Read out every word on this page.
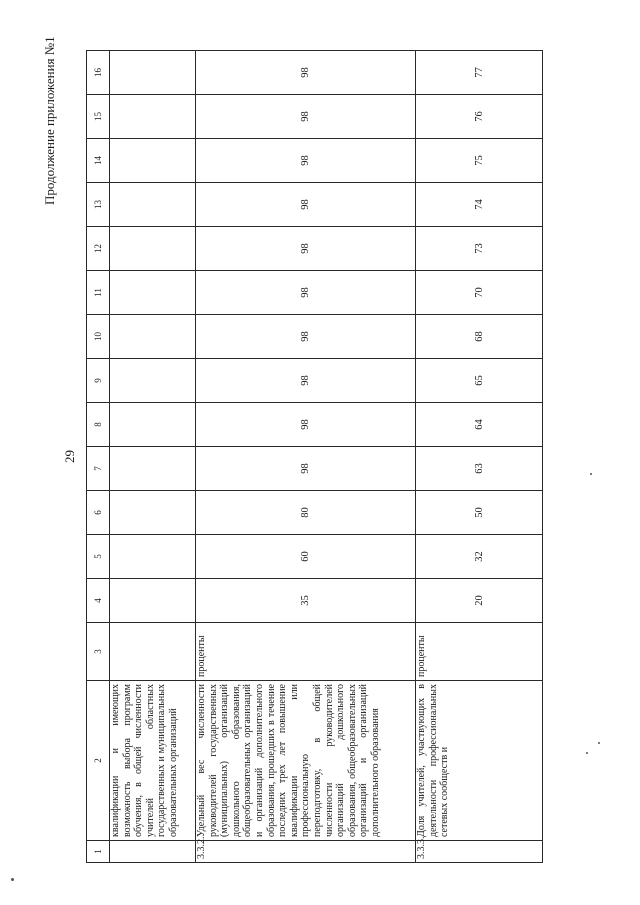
Продолжение приложения №1
29
1	2	3	4	5	6	7	8	9	10	11	12	13	14	15	16
	квалификации и имеющих возможность выбора программ обучения, в общей численности учителей областных государственных и муниципальных образовательных организаций														
3.3.2.	Удельный вес численности руководителей государственных (муниципальных) организаций дошкольного образования, общеобразовательных организаций и организаций дополнительного образования, прошедших в течение последних трех лет повышение квалификации или профессиональную переподготовку, в общей численности руководителей организаций дошкольного образования, общеобразовательных организаций и организаций дополнительного образования	проценты	35	60	80	98	98	98	98	98	98	98	98	98	98
3.3.3.	Доля учителей, участвующих в деятельности профессиональных сетевых сообществ и	проценты	20	32	50	63	64	65	68	70	73	74	75	76	77
